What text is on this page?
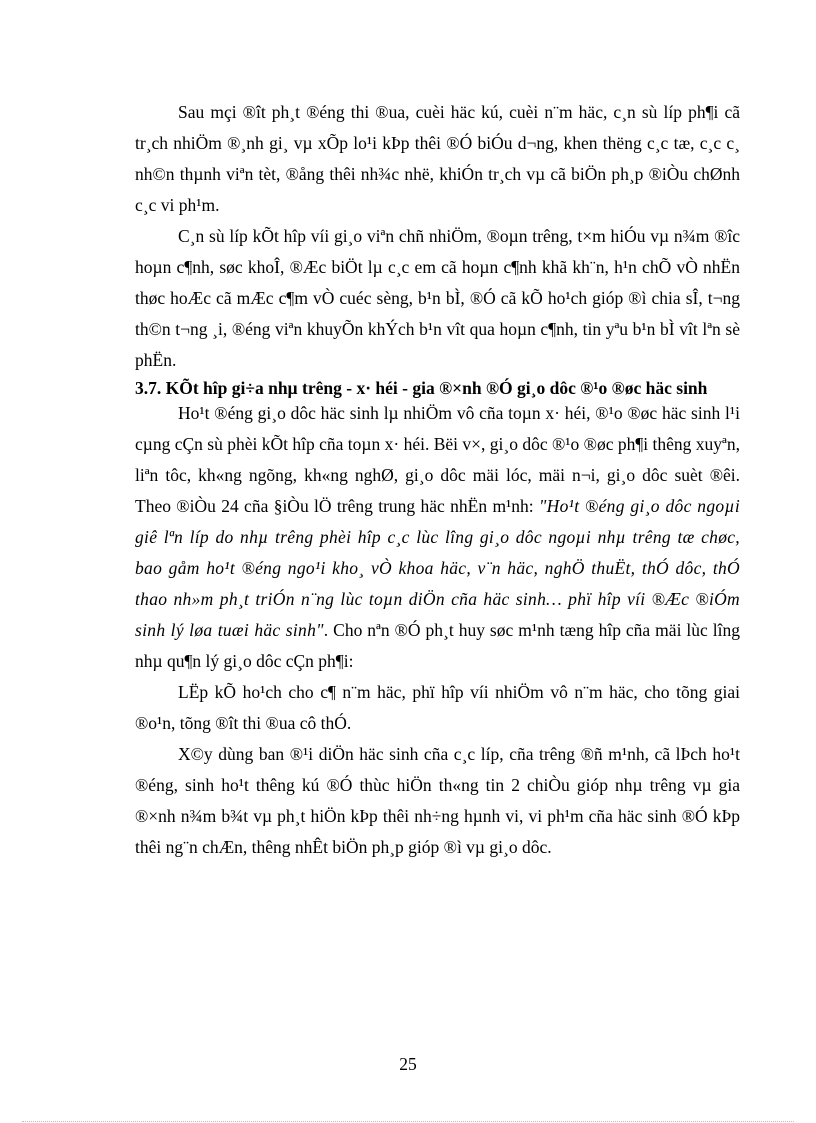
Sau mçi ®ît ph¸t ®éng thi ®ua, cuèi häc kú, cuèi n¨m häc, c¸n sù líp ph¶i cã tr¸ch nhiÖm ®¸nh gi¸ vµ xÕp lo¹i kÞp thêi ®Ó biÓu d¬ng, khen thëng c¸c tæ, c¸c c¸ nh©n thµnh viªn tèt, ®ång thêi nh¾c nhë, khiÓn tr¸ch vµ cã biÖn ph¸p ®iÒu chØnh c¸c vi ph¹m.

C¸n sù líp kÕt hîp víi gi¸o viªn chñ nhiÖm, ®oµn trêng, t×m hiÓu vµ n¾m ®îc hoµn c¶nh, søc khoÎ, ®Æc biÖt lµ c¸c em cã hoµn c¶nh khã kh¨n, h¹n chÕ vÒ nhËn thøc hoÆc cã mÆc c¶m vÒ cuéc sèng, b¹n bÌ, ®Ó cã kÕ ho¹ch gióp ®ì chia sÎ, t¬ng th©n t¬ng ¸i, ®éng viªn khuyÕn khÝch b¹n vît qua hoµn c¶nh, tin yªu b¹n bÌ vît lªn sè phËn.

3.7. KÕt hîp gi÷a nhµ trêng - x· héi - gia ®×nh ®Ó gi¸o dôc ®¹o ®øc häc sinh

Ho¹t ®éng gi¸o dôc häc sinh lµ nhiÖm vô cña toµn x· héi, ®¹o ®øc häc sinh l¹i cµng cÇn sù phèi kÕt hîp cña toµn x· héi. Bëi v×, gi¸o dôc ®¹o ®øc ph¶i thêng xuyªn, liªn tôc, kh«ng ngõng, kh«ng nghØ, gi¸o dôc mäi lóc, mäi n¬i, gi¸o dôc suèt ®êi. Theo ®iÒu 24 cña §iÒu lÖ trêng trung häc nhËn m¹nh: "Ho¹t ®éng gi¸o dôc ngoµi giê lªn líp do nhµ trêng phèi hîp c¸c lùc lîng gi¸o dôc ngoµi nhµ trêng tæ chøc, bao gåm ho¹t ®éng ngo¹i kho¸ vÒ khoa häc, v¨n häc, nghÖ thuËt, thÓ dôc, thÓ thao nh»m ph¸t triÓn n¨ng lùc toµn diÖn cña häc sinh… phï hîp víi ®Æc ®iÓm sinh lý løa tuæi häc sinh". Cho nªn ®Ó ph¸t huy søc m¹nh tæng hîp cña mäi lùc lîng nhµ qu¶n lý gi¸o dôc cÇn ph¶i:

LËp kÕ ho¹ch cho c¶ n¨m häc, phï hîp víi nhiÖm vô n¨m häc, cho tõng giai ®o¹n, tõng ®ît thi ®ua cô thÓ.

X©y dùng ban ®¹i diÖn häc sinh cña c¸c líp, cña trêng ®ñ m¹nh, cã lÞch ho¹t ®éng, sinh ho¹t thêng kú ®Ó thùc hiÖn th«ng tin 2 chiÒu gióp nhµ trêng vµ gia ®×nh n¾m b¾t vµ ph¸t hiÖn kÞp thêi nh÷ng hµnh vi, vi ph¹m cña häc sinh ®Ó kÞp thêi ng¨n chÆn, thêng nhÊt biÖn ph¸p gióp ®ì vµ gi¸o dôc.

25
